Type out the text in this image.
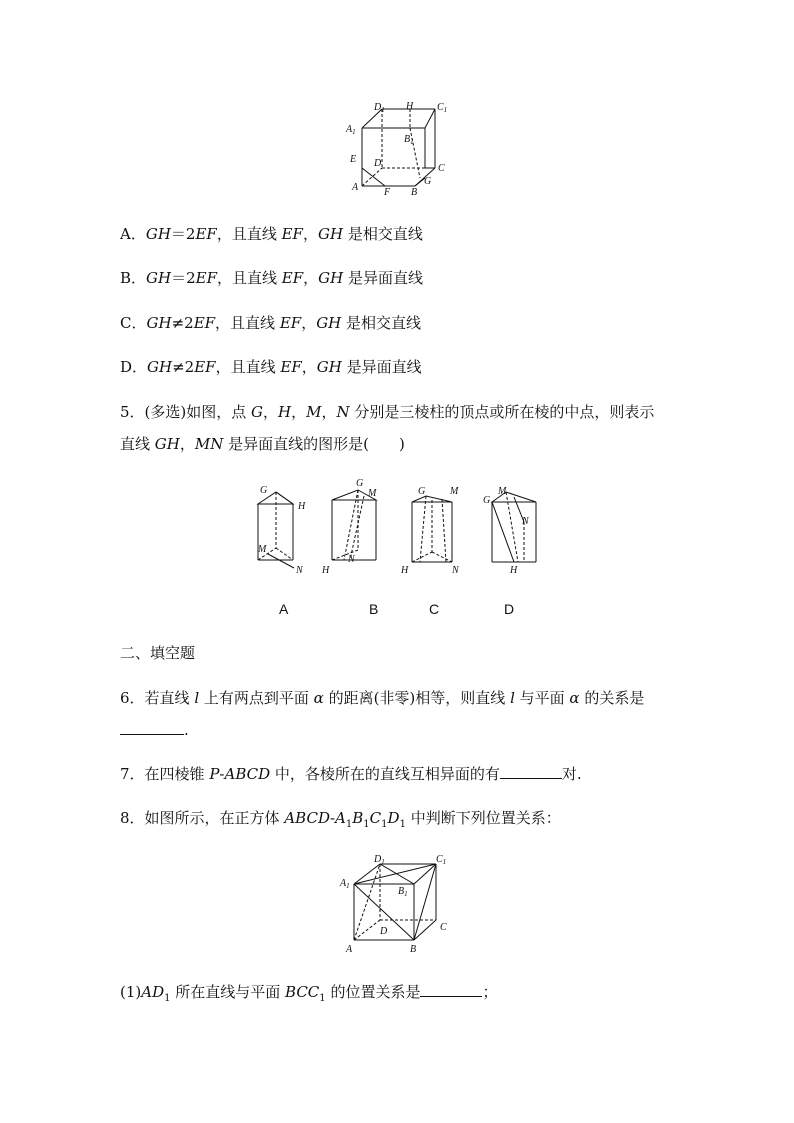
$D_1$ H $C_1$
$A_1$
$B_1$
E D	C
A	F B
G
A．GH＝2EF，且直线 EF，GH 是相交直线
B．GH＝2EF，且直线 EF，GH 是异面直线
C．GH≠2EF，且直线 EF，GH 是相交直线
D．GH≠2EF，且直线 EF，GH 是异面直线
5．(多选)如图，点 G，H，M，N 分别是三棱柱的顶点或所在棱的中点，则表示
直线 GH，MN 是异面直线的图形是(　　)
G
H
M
N
G
M
H
N
G M
H	N
G
M
N
H
A	B	C	D
二、填空题
6．若直线 l 上有两点到平面 α 的距离(非零)相等，则直线 l 与平面 α 的关系是
.
7．在四棱锥 P-ABCD 中，各棱所在的直线互相异面的有	对.
8．如图所示，在正方体 ABCD-$A_1B_1C_1D_1$ 中判断下列位置关系：
$D_1$	$C_1$
$A_1$	$B_1$
D	C
A	B
$(1)AD_1$ 所在直线与平面 $BCC_1$ 的位置关系是	；
